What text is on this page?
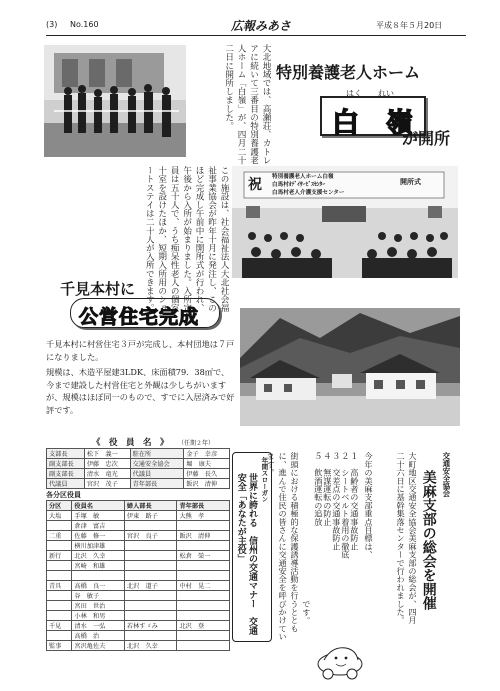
(3) No.160	広報みあさ	平成８年５月20日
大北地域では、高瀬荘、カトレアに続いて三番目の特別養護老人ホーム「白嶺」が、四月二十二日に開所しました。	特別養護老人ホーム
はく　　れい
白　嶺
が開所
この施設は、社会福祉法人大北社会福祉事業協会が昨年十月に発注し、このほど完成し午前中に開所式が行われ、午後から入所が始まりました。入所定員は五十人で、うち痴呆性老人の個室十室を設けたほか、短期入所用のショートステイは二十人が入所できます。	祝 特別養護老人ホーム白嶺
白馬村ｵﾃﾞｲｻｰﾋﾞｽｾﾝﾀｰ
白馬村老人介護支援センター
開所式
千見本村に
公営住宅完成
千見本村に村営住宅３戸が完成し、本村団地は７戸になりました。
規模は、木造平屋建3LDK、床面積79．38㎡で、今まで建設した村営住宅と外観は少しちがいますが、規模はほぼ同一のもので、すでに入居済みで好評です。
《　役　員　名　》 （任期２年）
支部長	松下　義一	駐在所	金子　幸彦
副支部長	伊藤　忠次	交通安全協会	堀　康夫
副支部長	清水　竜光	代議員	伊藤　長久
代議員	宮沢　茂子	青年部長	飯沢　清伸
各分区役員
分区	役員名	婦人部長	青年部長
大塩	手塚　敏	伊東　路子	大熊　孝
	倉津　富吉		
二重	佐藤　修一	宮沢　良子	飯沢　清伸
	横川加津雄		
新行	北沢　久幸		松倉　榮一
	宮崎　和雄		

青具	高橋　良一	北沢　道子	中村　晃二
	谷　敏子		
	宮田　世治		
	小林　和男		
千見	清水　一弘	若林すゞみ	北沢　登
	高橋　治		
監事	宮沢亀佐夫	北沢　久幸	
年間スローガン
世界に誇れる　信州の交通マナー　交通安全「あなたが主役」	交通安全協会
美麻支部の総会を開催
大町地区交通安全協会美麻支部の総会が、四月二十六日に基幹集落センターで行われました。
今年の美麻支部重点目標は、
１　高齢者の交通事故防止
２　シートベルト着用の徹底
３　交差点の交通事故防止
４　無謀運転の防止
５　飲酒運転の追放
です。
街頭における積極的な保護誘導活動を行うとともに、進んで住民の皆さんに交通安全を呼びかけています。
